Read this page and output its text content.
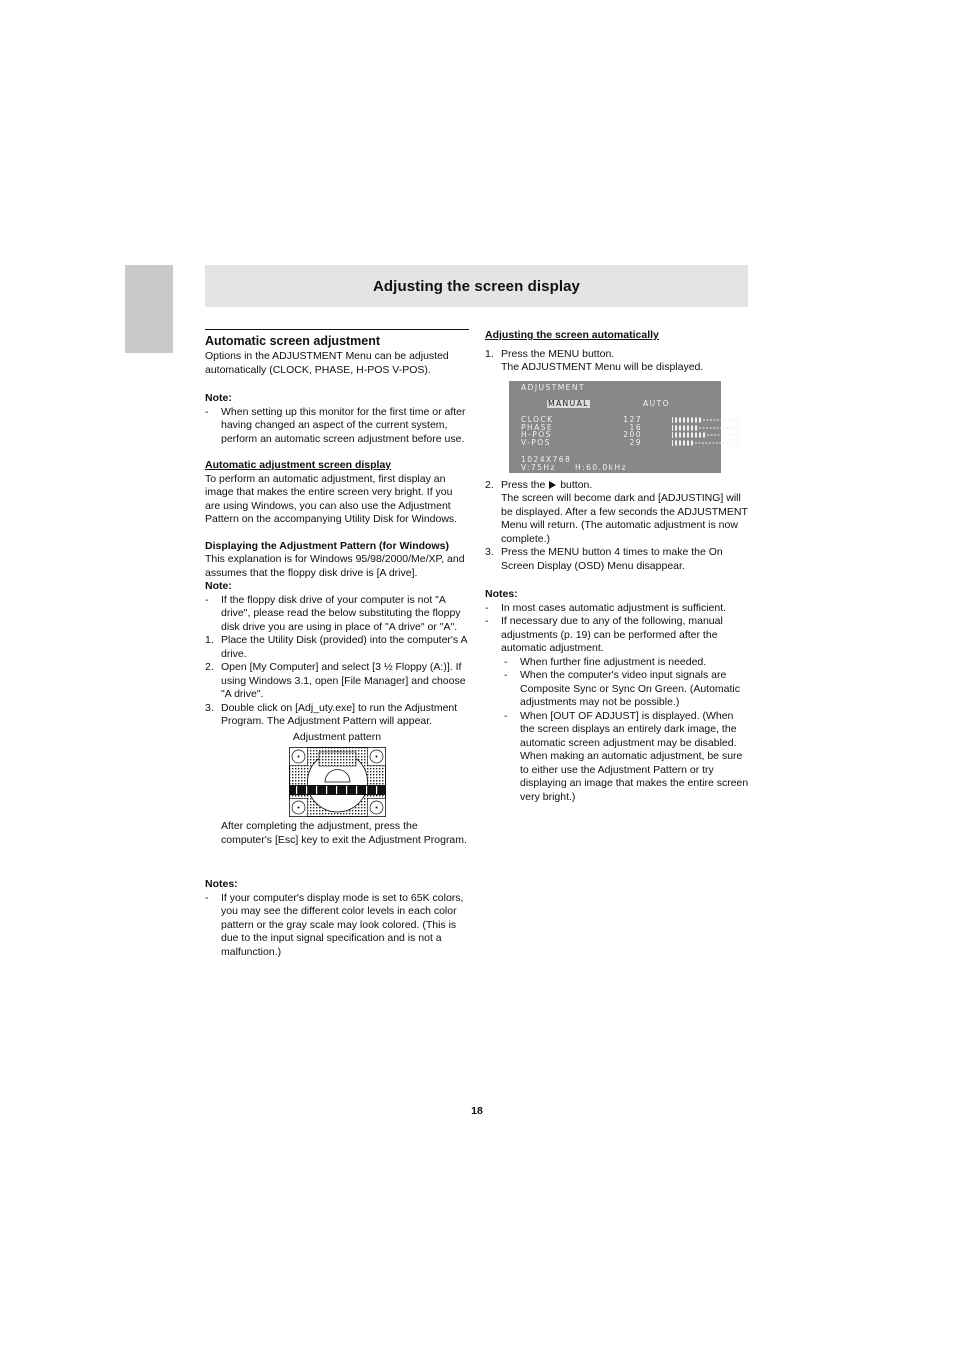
Adjusting the screen display
Automatic screen adjustment

Options in the ADJUSTMENT Menu can be adjusted automatically (CLOCK, PHASE, H-POS V-POS).

Note:

- When setting up this monitor for the first time or after having changed an aspect of the current system, perform an automatic screen adjustment before use.

Automatic adjustment screen display

To perform an automatic adjustment, first display an image that makes the entire screen very bright. If you are using Windows, you can also use the Adjustment Pattern on the accompanying Utility Disk for Windows.

Displaying the Adjustment Pattern (for Windows)

This explanation is for Windows 95/98/2000/Me/XP, and assumes that the floppy disk drive is [A drive].

Note:

- If the floppy disk drive of your computer is not "A drive", please read the below substituting the floppy disk drive you are using in place of "A drive" or "A".
1. Place the Utility Disk (provided) into the computer's A drive.
2. Open [My Computer] and select [3 ½ Floppy (A:)]. If using Windows 3.1, open [File Manager] and choose "A drive".
3. Double click on [Adj_uty.exe] to run the Adjustment Program. The Adjustment Pattern will appear.
Adjustment pattern
After completing the adjustment, press the computer's [Esc] key to exit the Adjustment Program.

Notes:

- If your computer's display mode is set to 65K colors, you may see the different color levels in each color pattern or the gray scale may look colored. (This is due to the input signal specification and is not a malfunction.)

Adjusting the screen automatically

1. Press the MENU button.
The ADJUSTMENT Menu will be displayed.
ADJUSTMENT
MANUAL	AUTO
CLOCK	127
PHASE	16
H-POS	200
V-POS	29
1024X768
V:75Hz	H:60.0kHz
2. Press the button.
The screen will become dark and [ADJUSTING] will be displayed. After a few seconds the ADJUSTMENT Menu will return. (The automatic adjustment is now complete.)
3. Press the MENU button 4 times to make the On Screen Display (OSD) Menu disappear.

Notes:

- In most cases automatic adjustment is sufficient.
- If necessary due to any of the following, manual adjustments (p. 19) can be performed after the automatic adjustment.
- When further fine adjustment is needed.
- When the computer's video input signals are Composite Sync or Sync On Green. (Automatic adjustments may not be possible.)
- When [OUT OF ADJUST] is displayed. (When the screen displays an entirely dark image, the automatic screen adjustment may be disabled. When making an automatic adjustment, be sure to either use the Adjustment Pattern or try displaying an image that makes the entire screen very bright.)
18
